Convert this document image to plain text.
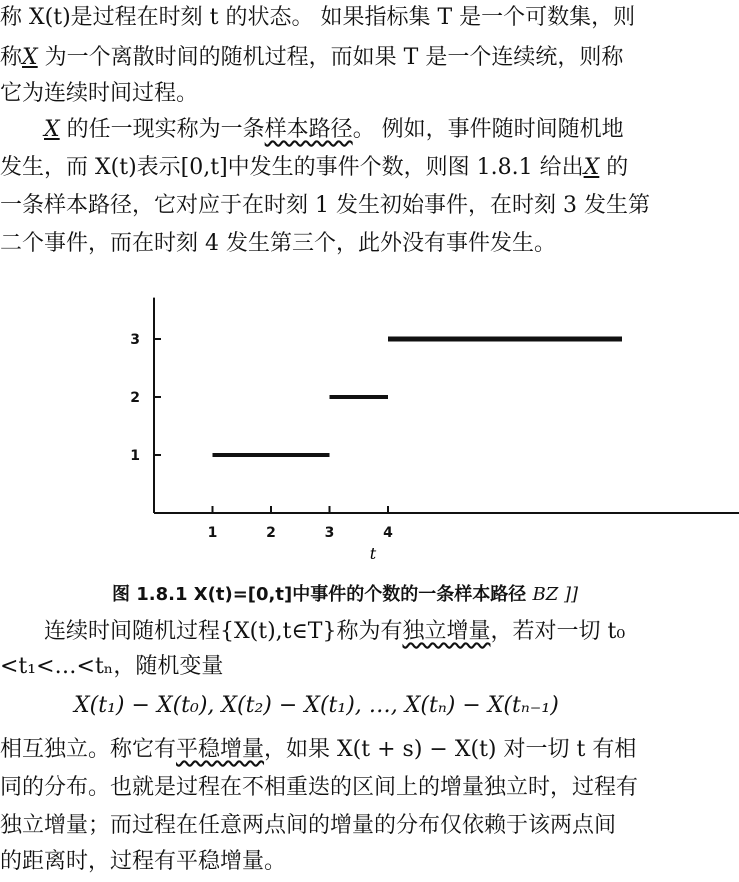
称 X(t)是过程在时刻 t 的状态。 如果指标集 T 是一个可数集，则
称X 为一个离散时间的随机过程，而如果 T 是一个连续统，则称
它为连续时间过程。
X 的任一现实称为一条样本路径。 例如，事件随时间随机地
发生，而 X(t)表示[0,t]中发生的事件个数，则图 1.8.1 给出X 的
一条样本路径，它对应于在时刻 1 发生初始事件，在时刻 3 发生第
二个事件，而在时刻 4 发生第三个，此外没有事件发生。
1
2
3
1	2	3	4
t
图 1.8.1 X(t)=[0,t]中事件的个数的一条样本路径 BZ ]]
连续时间随机过程{X(t),t∈T}称为有独立增量，若对一切 t₀
<t₁<…<tₙ，随机变量
X(t₁) − X(t₀), X(t₂) − X(t₁), …, X(tₙ) − X(tₙ₋₁)
相互独立。称它有平稳增量，如果 X(t + s) − X(t) 对一切 t 有相
同的分布。也就是过程在不相重迭的区间上的增量独立时，过程有
独立增量；而过程在任意两点间的增量的分布仅依赖于该两点间
的距离时，过程有平稳增量。
